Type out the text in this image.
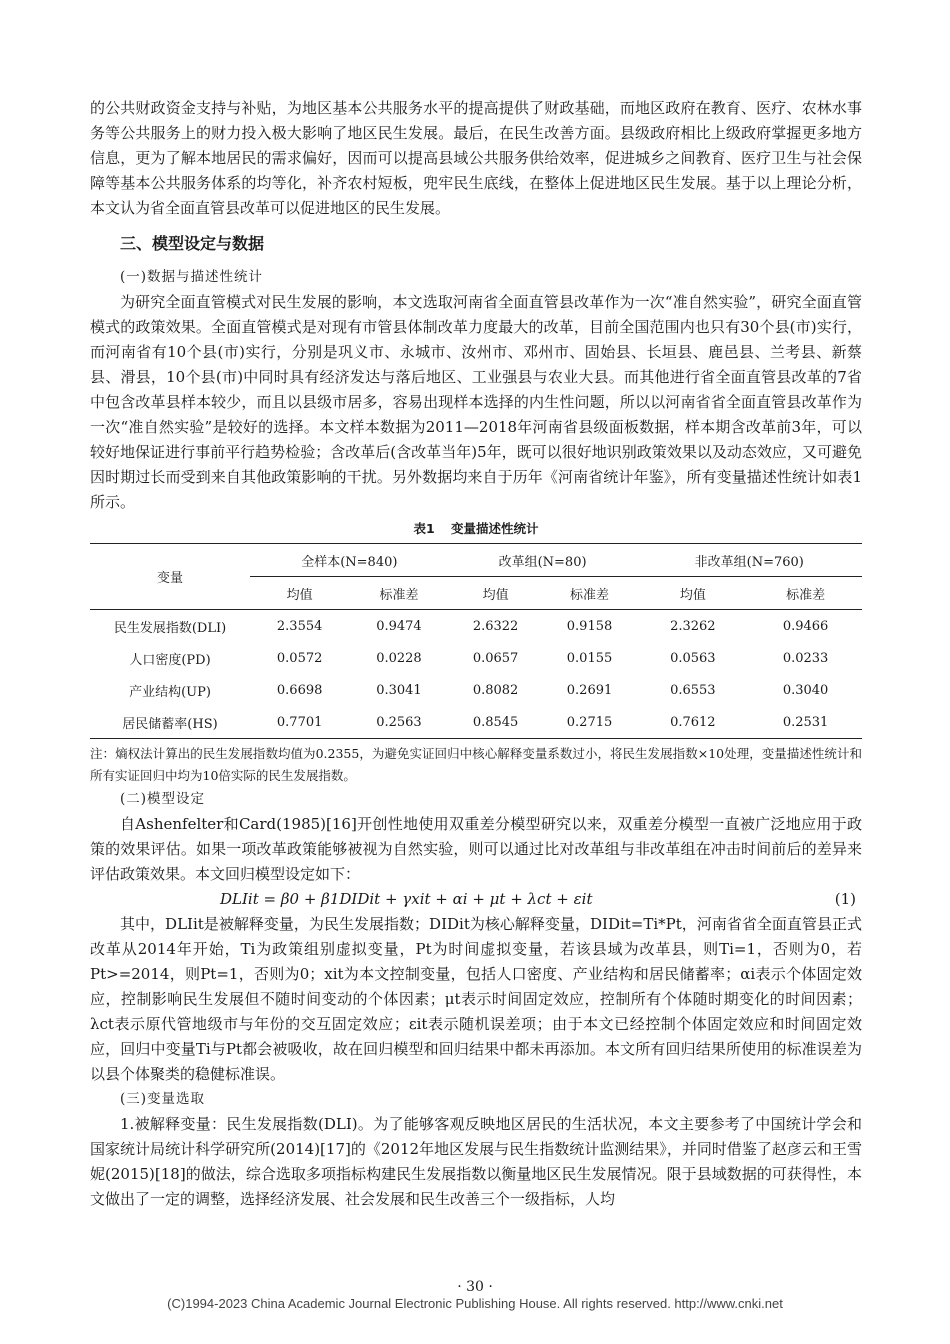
的公共财政资金支持与补贴，为地区基本公共服务水平的提高提供了财政基础，而地区政府在教育、医疗、农林水事务等公共服务上的财力投入极大影响了地区民生发展。最后，在民生改善方面。县级政府相比上级政府掌握更多地方信息，更为了解本地居民的需求偏好，因而可以提高县域公共服务供给效率，促进城乡之间教育、医疗卫生与社会保障等基本公共服务体系的均等化，补齐农村短板，兜牢民生底线，在整体上促进地区民生发展。基于以上理论分析，本文认为省全面直管县改革可以促进地区的民生发展。

三、模型设定与数据
(一)数据与描述性统计

为研究全面直管模式对民生发展的影响，本文选取河南省全面直管县改革作为一次“准自然实验”，研究全面直管模式的政策效果。全面直管模式是对现有市管县体制改革力度最大的改革，目前全国范围内也只有30个县(市)实行，而河南省有10个县(市)实行，分别是巩义市、永城市、汝州市、邓州市、固始县、长垣县、鹿邑县、兰考县、新蔡县、滑县，10个县(市)中同时具有经济发达与落后地区、工业强县与农业大县。而其他进行省全面直管县改革的7省中包含改革县样本较少，而且以县级市居多，容易出现样本选择的内生性问题，所以以河南省省全面直管县改革作为一次“准自然实验”是较好的选择。本文样本数据为2011—2018年河南省县级面板数据，样本期含改革前3年，可以较好地保证进行事前平行趋势检验；含改革后(含改革当年)5年，既可以很好地识别政策效果以及动态效应，又可避免因时期过长而受到来自其他政策影响的干扰。另外数据均来自于历年《河南省统计年鉴》，所有变量描述性统计如表1所示。

表1 变量描述性统计
变量	全样本(N=840)		改革组(N=80)		非改革组(N=760)	
	均值	标准差	均值	标准差	均值	标准差
民生发展指数(DLI)	2.3554	0.9474	2.6322	0.9158	2.3262	0.9466
人口密度(PD)	0.0572	0.0228	0.0657	0.0155	0.0563	0.0233
产业结构(UP)	0.6698	0.3041	0.8082	0.2691	0.6553	0.3040
居民储蓄率(HS)	0.7701	0.2563	0.8545	0.2715	0.7612	0.2531

注：熵权法计算出的民生发展指数均值为0.2355，为避免实证回归中核心解释变量系数过小，将民生发展指数×10处理，变量描述性统计和所有实证回归中均为10倍实际的民生发展指数。

(二)模型设定

自Ashenfelter和Card(1985)[16]开创性地使用双重差分模型研究以来，双重差分模型一直被广泛地应用于政策的效果评估。如果一项改革政策能够被视为自然实验，则可以通过比对改革组与非改革组在冲击时间前后的差异来评估政策效果。本文回归模型设定如下：

DLIit = β0 + β1DIDit + γxit + αi + μt + λct + εit	(1)

其中，DLIit是被解释变量，为民生发展指数；DIDit为核心解释变量，DIDit=Ti*Pt，河南省省全面直管县正式改革从2014年开始，Ti为政策组别虚拟变量，Pt为时间虚拟变量，若该县域为改革县，则Ti=1，否则为0，若Pt>=2014，则Pt=1，否则为0；xit为本文控制变量，包括人口密度、产业结构和居民储蓄率；αi表示个体固定效应，控制影响民生发展但不随时间变动的个体因素；μt表示时间固定效应，控制所有个体随时期变化的时间因素；λct表示原代管地级市与年份的交互固定效应；εit表示随机误差项；由于本文已经控制个体固定效应和时间固定效应，回归中变量Ti与Pt都会被吸收，故在回归模型和回归结果中都未再添加。本文所有回归结果所使用的标准误差为以县个体聚类的稳健标准误。

(三)变量选取

1.被解释变量：民生发展指数(DLI)。为了能够客观反映地区居民的生活状况，本文主要参考了中国统计学会和国家统计局统计科学研究所(2014)[17]的《2012年地区发展与民生指数统计监测结果》，并同时借鉴了赵彦云和王雪妮(2015)[18]的做法，综合选取多项指标构建民生发展指数以衡量地区民生发展情况。限于县域数据的可获得性，本文做出了一定的调整，选择经济发展、社会发展和民生改善三个一级指标，人均

· 30 ·
(C)1994-2023 China Academic Journal Electronic Publishing House. All rights reserved. http://www.cnki.net
